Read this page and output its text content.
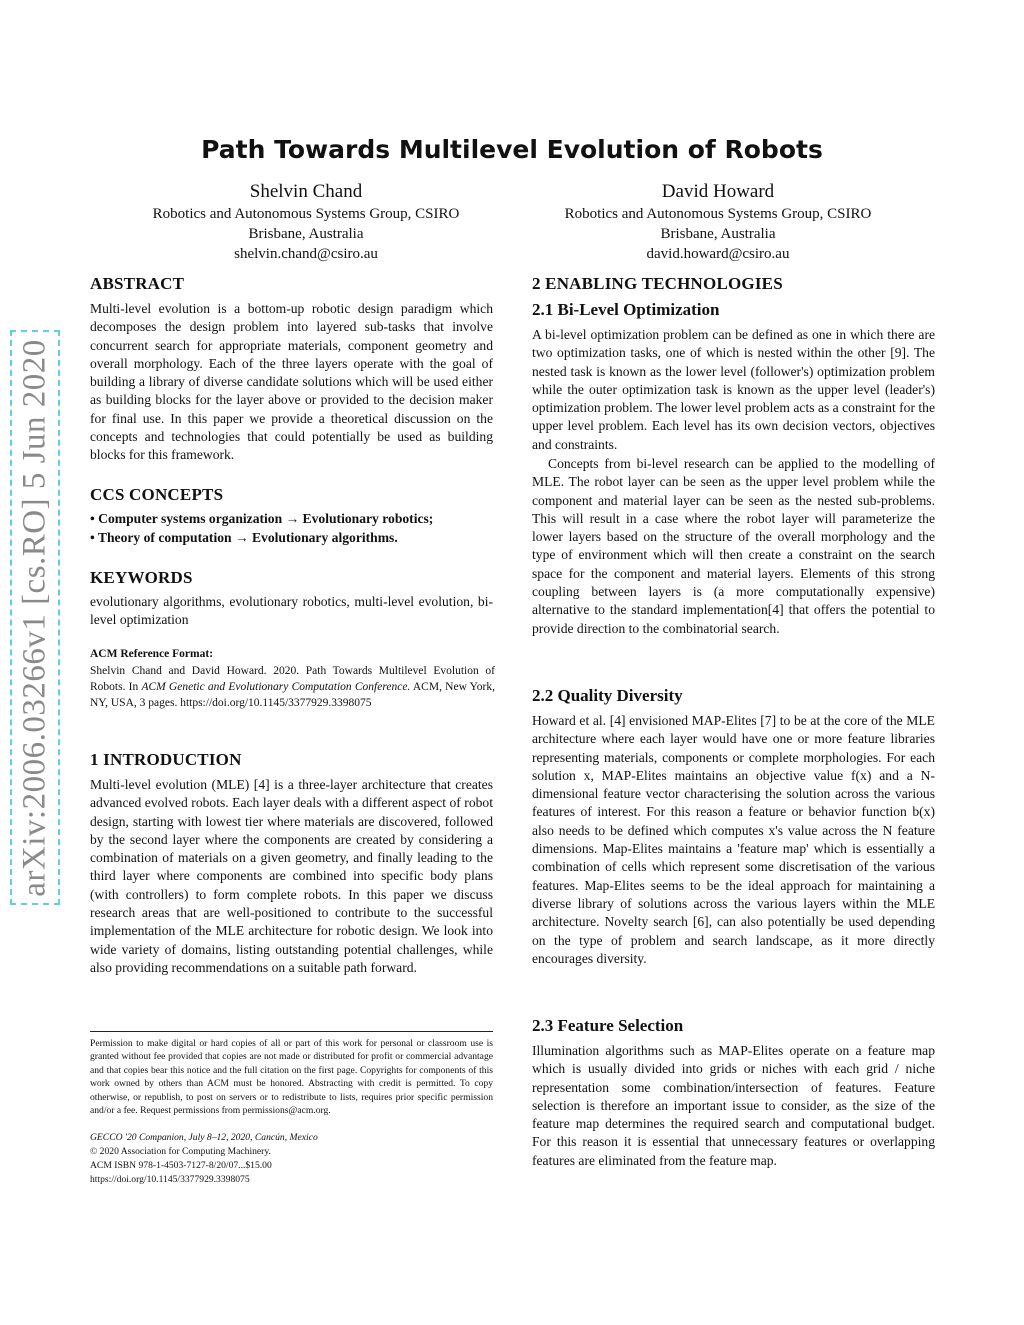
arXiv:2006.03266v1 [cs.RO] 5 Jun 2020
Path Towards Multilevel Evolution of Robots
Shelvin Chand
Robotics and Autonomous Systems Group, CSIRO
Brisbane, Australia
shelvin.chand@csiro.au
David Howard
Robotics and Autonomous Systems Group, CSIRO
Brisbane, Australia
david.howard@csiro.au
ABSTRACT

Multi-level evolution is a bottom-up robotic design paradigm which decomposes the design problem into layered sub-tasks that involve concurrent search for appropriate materials, component geometry and overall morphology. Each of the three layers operate with the goal of building a library of diverse candidate solutions which will be used either as building blocks for the layer above or provided to the decision maker for final use. In this paper we provide a theoretical discussion on the concepts and technologies that could potentially be used as building blocks for this framework.

CCS CONCEPTS
• Computer systems organization → Evolutionary robotics;
• Theory of computation → Evolutionary algorithms.
KEYWORDS

evolutionary algorithms, evolutionary robotics, multi-level evolution, bi-level optimization

ACM Reference Format:

Shelvin Chand and David Howard. 2020. Path Towards Multilevel Evolution of Robots. In ACM Genetic and Evolutionary Computation Conference. ACM, New York, NY, USA, 3 pages. https://doi.org/10.1145/3377929.3398075

1 INTRODUCTION

Multi-level evolution (MLE) [4] is a three-layer architecture that creates advanced evolved robots. Each layer deals with a different aspect of robot design, starting with lowest tier where materials are discovered, followed by the second layer where the components are created by considering a combination of materials on a given geometry, and finally leading to the third layer where components are combined into specific body plans (with controllers) to form complete robots. In this paper we discuss research areas that are well-positioned to contribute to the successful implementation of the MLE architecture for robotic design. We look into wide variety of domains, listing outstanding potential challenges, while also providing recommendations on a suitable path forward.

Permission to make digital or hard copies of all or part of this work for personal or classroom use is granted without fee provided that copies are not made or distributed for profit or commercial advantage and that copies bear this notice and the full citation on the first page. Copyrights for components of this work owned by others than ACM must be honored. Abstracting with credit is permitted. To copy otherwise, or republish, to post on servers or to redistribute to lists, requires prior specific permission and/or a fee. Request permissions from permissions@acm.org.

GECCO '20 Companion, July 8–12, 2020, Cancún, Mexico
© 2020 Association for Computing Machinery.
ACM ISBN 978-1-4503-7127-8/20/07...$15.00
https://doi.org/10.1145/3377929.3398075
2 ENABLING TECHNOLOGIES
2.1 Bi-Level Optimization

A bi-level optimization problem can be defined as one in which there are two optimization tasks, one of which is nested within the other [9]. The nested task is known as the lower level (follower's) optimization problem while the outer optimization task is known as the upper level (leader's) optimization problem. The lower level problem acts as a constraint for the upper level problem. Each level has its own decision vectors, objectives and constraints.

Concepts from bi-level research can be applied to the modelling of MLE. The robot layer can be seen as the upper level problem while the component and material layer can be seen as the nested sub-problems. This will result in a case where the robot layer will parameterize the lower layers based on the structure of the overall morphology and the type of environment which will then create a constraint on the search space for the component and material layers. Elements of this strong coupling between layers is (a more computationally expensive) alternative to the standard implementation[4] that offers the potential to provide direction to the combinatorial search.

2.2 Quality Diversity

Howard et al. [4] envisioned MAP-Elites [7] to be at the core of the MLE architecture where each layer would have one or more feature libraries representing materials, components or complete morphologies. For each solution x, MAP-Elites maintains an objective value f(x) and a N-dimensional feature vector characterising the solution across the various features of interest. For this reason a feature or behavior function b(x) also needs to be defined which computes x's value across the N feature dimensions. Map-Elites maintains a 'feature map' which is essentially a combination of cells which represent some discretisation of the various features. Map-Elites seems to be the ideal approach for maintaining a diverse library of solutions across the various layers within the MLE architecture. Novelty search [6], can also potentially be used depending on the type of problem and search landscape, as it more directly encourages diversity.

2.3 Feature Selection

Illumination algorithms such as MAP-Elites operate on a feature map which is usually divided into grids or niches with each grid / niche representation some combination/intersection of features. Feature selection is therefore an important issue to consider, as the size of the feature map determines the required search and computational budget. For this reason it is essential that unnecessary features or overlapping features are eliminated from the feature map.
